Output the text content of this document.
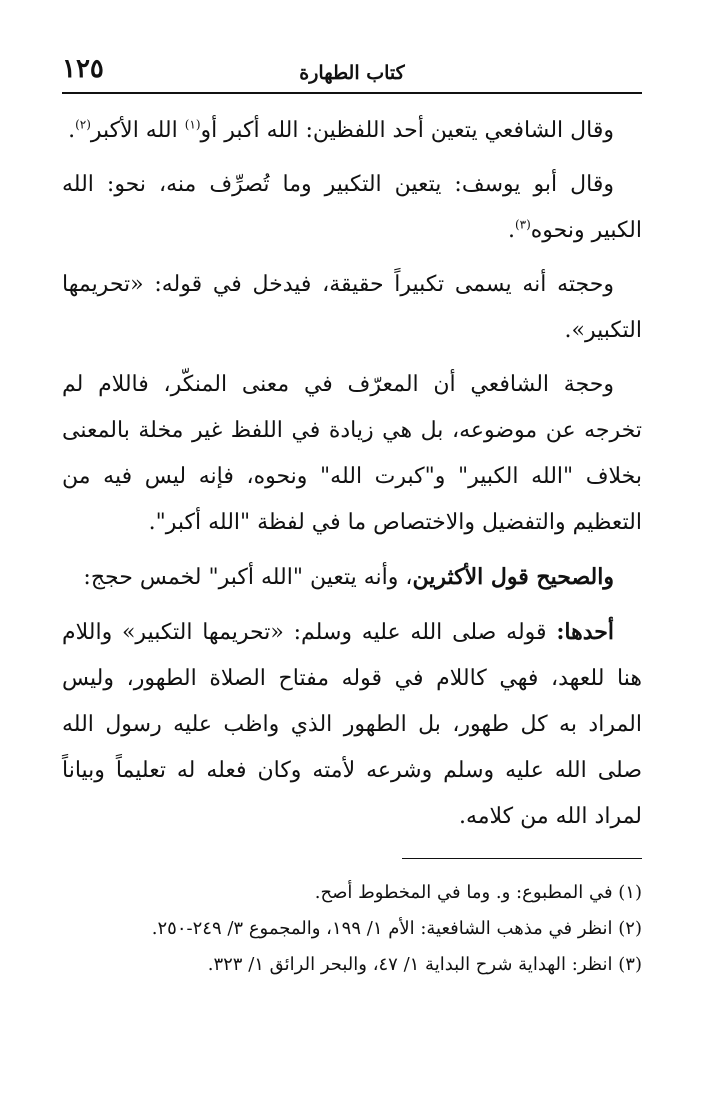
كتاب الطهارة
١٢٥

وقال الشافعي يتعين أحد اللفظين: الله أكبر أو$^{(١)}$ الله الأكبر$^{(٢)}$.

وقال أبو يوسف: يتعين التكبير وما تُصرِّف منه، نحو: الله الكبير ونحوه$^{(٣)}$.

وحجته أنه يسمى تكبيراً حقيقة، فيدخل في قوله: «تحريمها التكبير».

وحجة الشافعي أن المعرّف في معنى المنكّر، فاللام لم تخرجه عن موضوعه، بل هي زيادة في اللفظ غير مخلة بالمعنى بخلاف "الله الكبير" و"كبرت الله" ونحوه، فإنه ليس فيه من التعظيم والتفضيل والاختصاص ما في لفظة "الله أكبر".

والصحيح قول الأكثرين، وأنه يتعين "الله أكبر" لخمس حجج:

أحدها: قوله صلى الله عليه وسلم: «تحريمها التكبير» واللام هنا للعهد، فهي كاللام في قوله مفتاح الصلاة الطهور، وليس المراد به كل طهور، بل الطهور الذي واظب عليه رسول الله صلى الله عليه وسلم وشرعه لأمته وكان فعله له تعليماً وبياناً لمراد الله من كلامه.

(١) في المطبوع: و. وما في المخطوط أصح.

(٢) انظر في مذهب الشافعية: الأم ١/ ١٩٩، والمجموع ٣/ ٢٤٩-٢٥٠.

(٣) انظر: الهداية شرح البداية ١/ ٤٧، والبحر الرائق ١/ ٣٢٣.
